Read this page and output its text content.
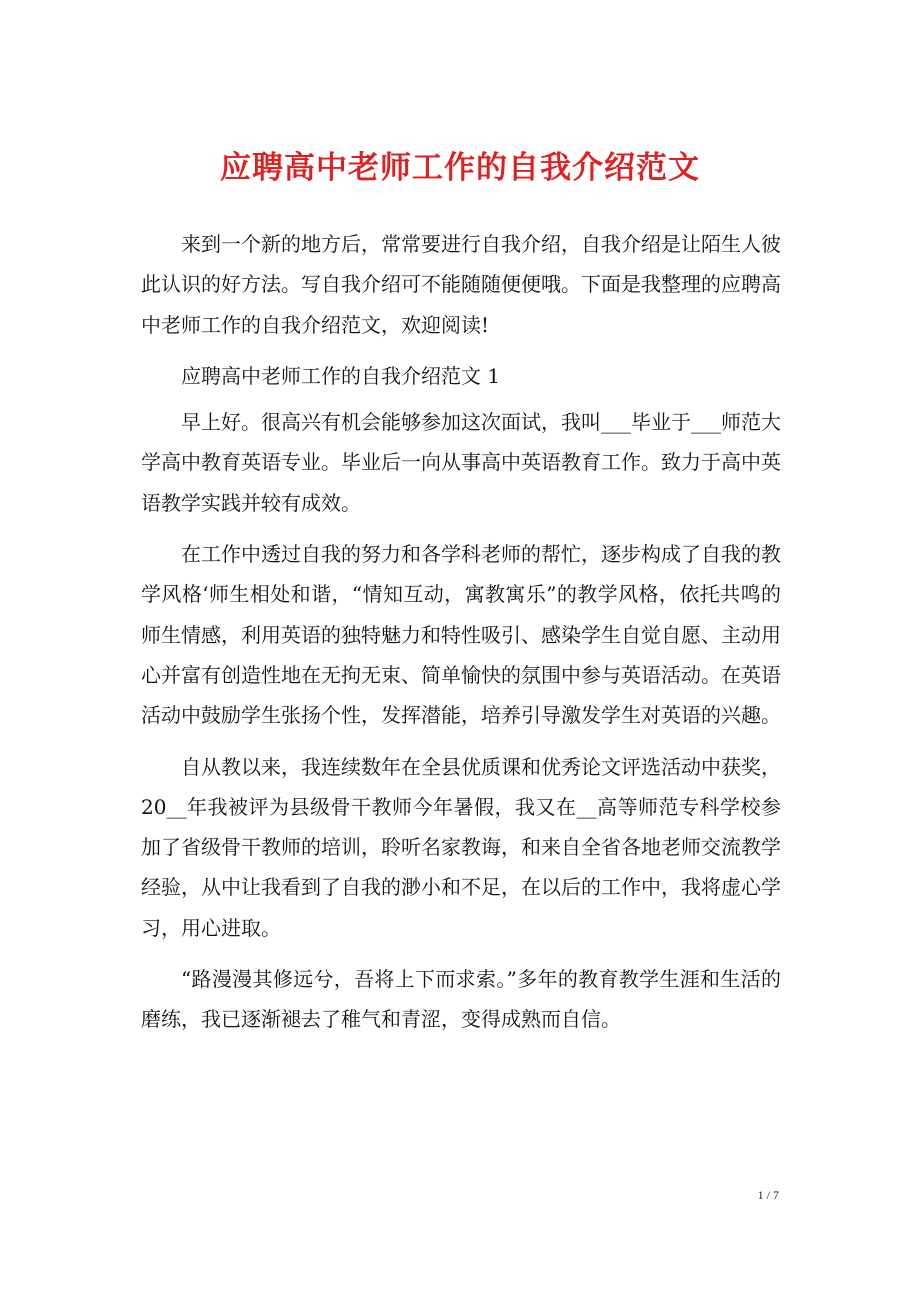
应聘高中老师工作的自我介绍范文

来到一个新的地方后，常常要进行自我介绍，自我介绍是让陌生人彼此认识的好方法。写自我介绍可不能随随便便哦。下面是我整理的应聘高中老师工作的自我介绍范文，欢迎阅读!

应聘高中老师工作的自我介绍范文 1

早上好。很高兴有机会能够参加这次面试，我叫___毕业于___师范大学高中教育英语专业。毕业后一向从事高中英语教育工作。致力于高中英语教学实践并较有成效。

在工作中透过自我的努力和各学科老师的帮忙，逐步构成了自我的教学风格‘师生相处和谐，“情知互动，寓教寓乐”的教学风格，依托共鸣的师生情感，利用英语的独特魅力和特性吸引、感染学生自觉自愿、主动用心并富有创造性地在无拘无束、简单愉快的氛围中参与英语活动。在英语活动中鼓励学生张扬个性，发挥潜能，培养引导激发学生对英语的兴趣。

自从教以来，我连续数年在全县优质课和优秀论文评选活动中获奖，20__年我被评为县级骨干教师今年暑假，我又在__高等师范专科学校参加了省级骨干教师的培训，聆听名家教诲，和来自全省各地老师交流教学经验，从中让我看到了自我的渺小和不足，在以后的工作中，我将虚心学习，用心进取。

“路漫漫其修远兮，吾将上下而求索。”多年的教育教学生涯和生活的磨练，我已逐渐褪去了稚气和青涩，变得成熟而自信。

1 / 7
